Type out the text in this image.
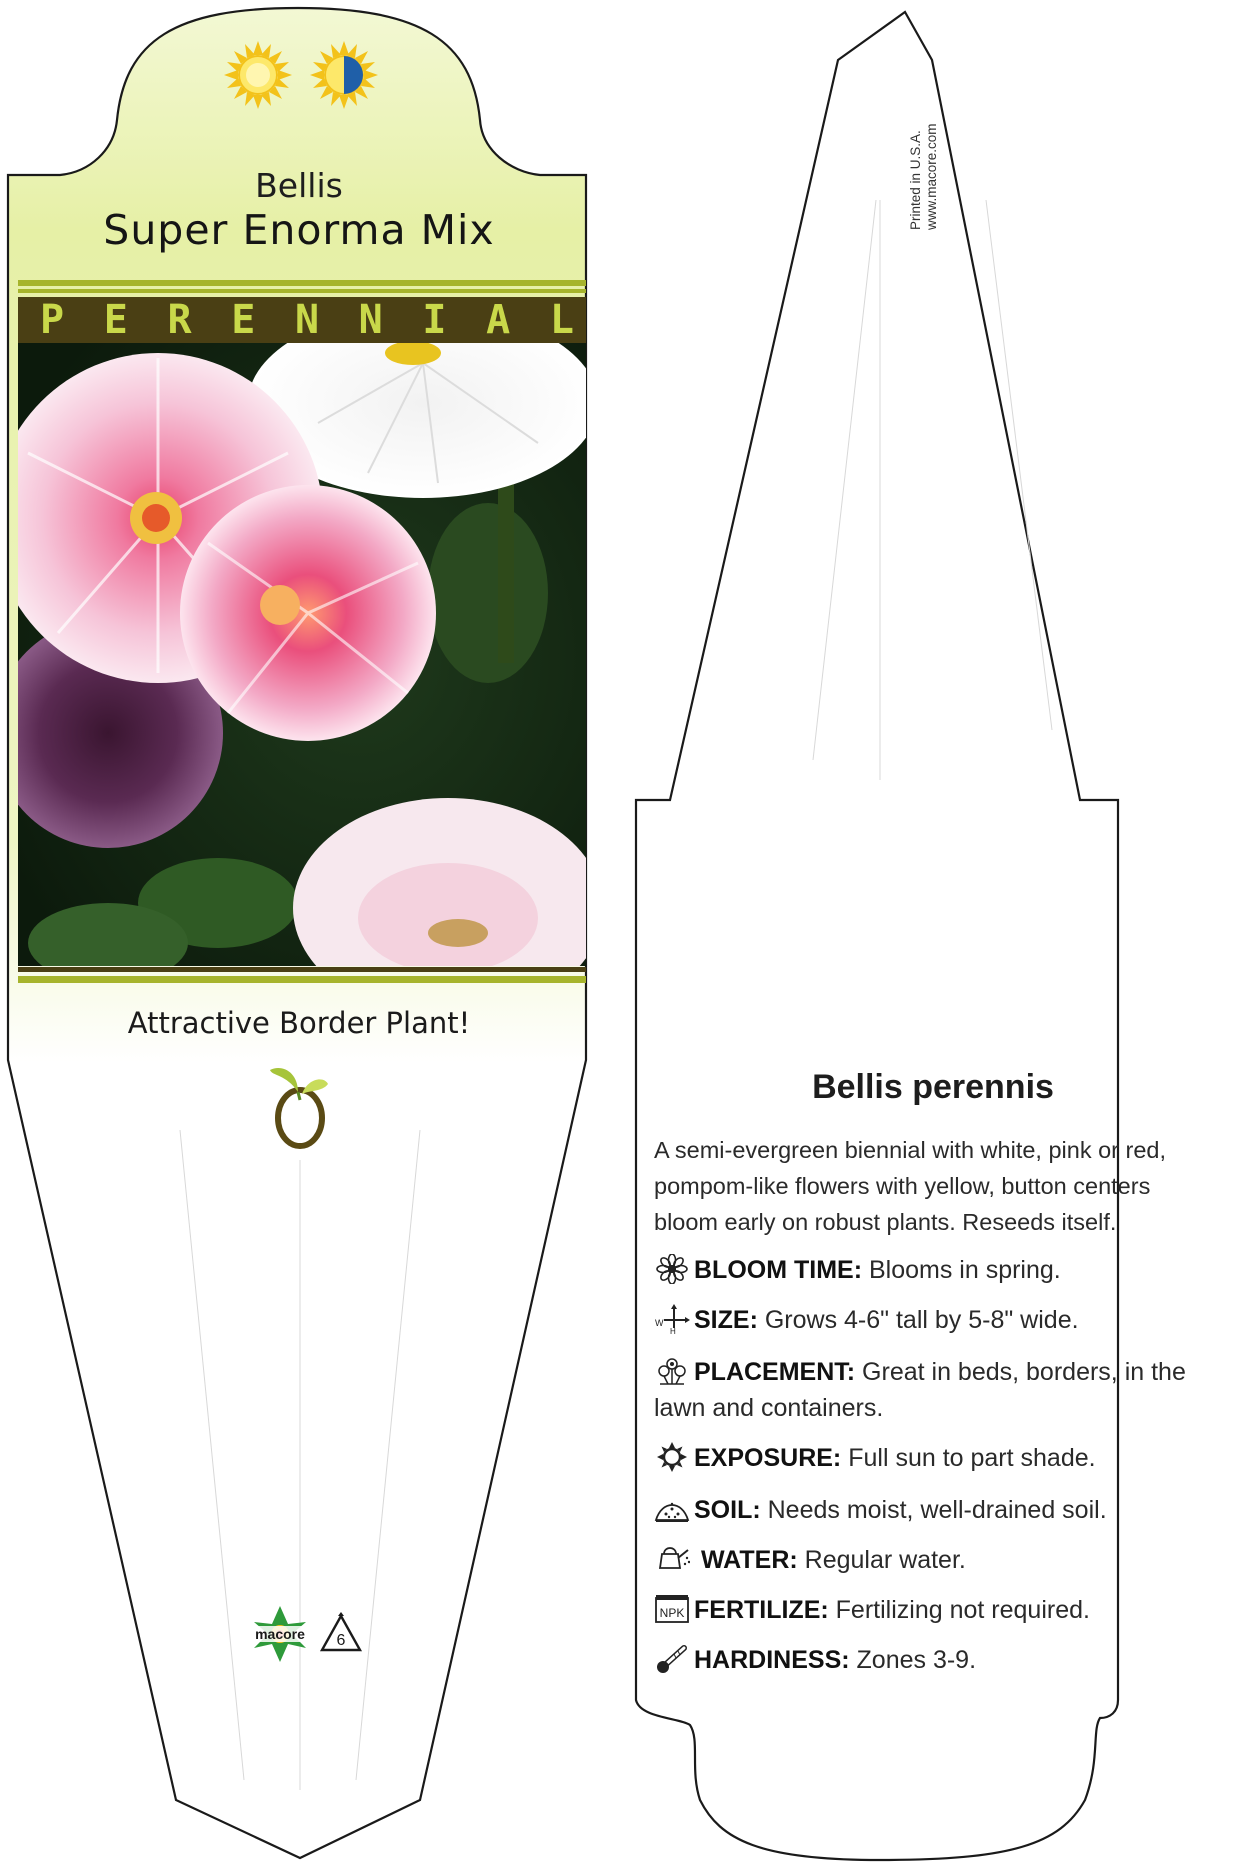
Bellis
Super Enorma Mix
P E R E N N I A L
Attractive Border Plant!
macore 6
Printed in U.S.A. www.macore.com
Bellis perennis
A semi-evergreen biennial with white, pink or red, pompom-like flowers with yellow, button centers bloom early on robust plants. Reseeds itself.
BLOOM TIME: Blooms in spring.
W
H SIZE: Grows 4-6" tall by 5-8" wide.
PLACEMENT: Great in beds, borders, in the lawn and containers.
EXPOSURE: Full sun to part shade.
SOIL: Needs moist, well-drained soil.
WATER: Regular water.
NPK FERTILIZE: Fertilizing not required.
HARDINESS: Zones 3-9.
